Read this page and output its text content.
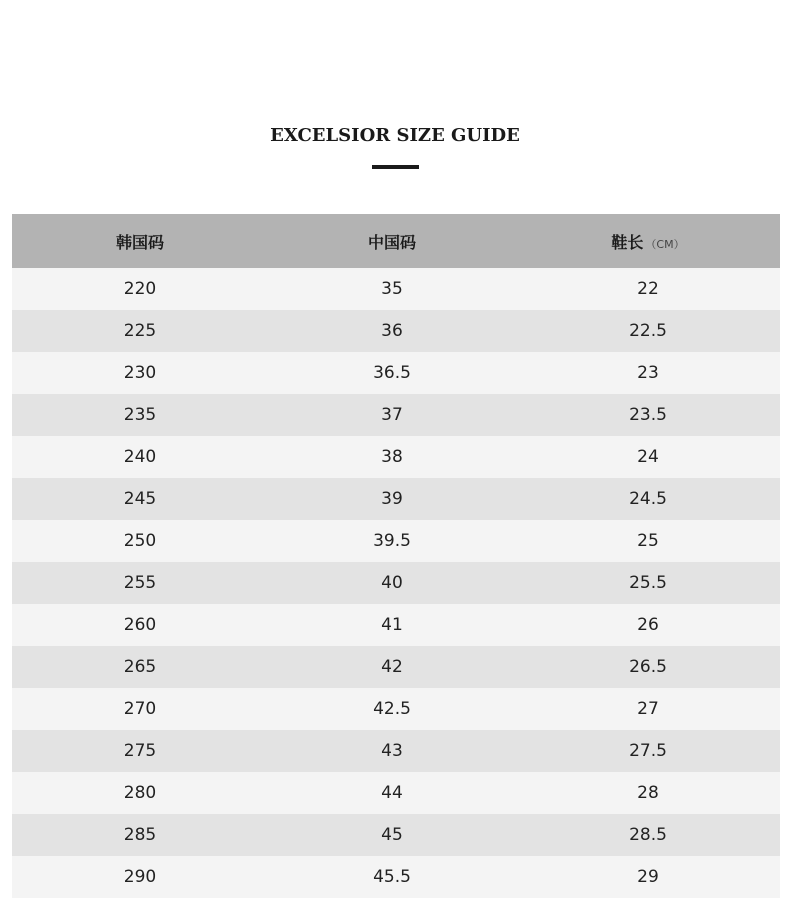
EXCELSIOR SIZE GUIDE
韩国码	中国码	鞋长 （CM）
220	35	22
225	36	22.5
230	36.5	23
235	37	23.5
240	38	24
245	39	24.5
250	39.5	25
255	40	25.5
260	41	26
265	42	26.5
270	42.5	27
275	43	27.5
280	44	28
285	45	28.5
290	45.5	29
